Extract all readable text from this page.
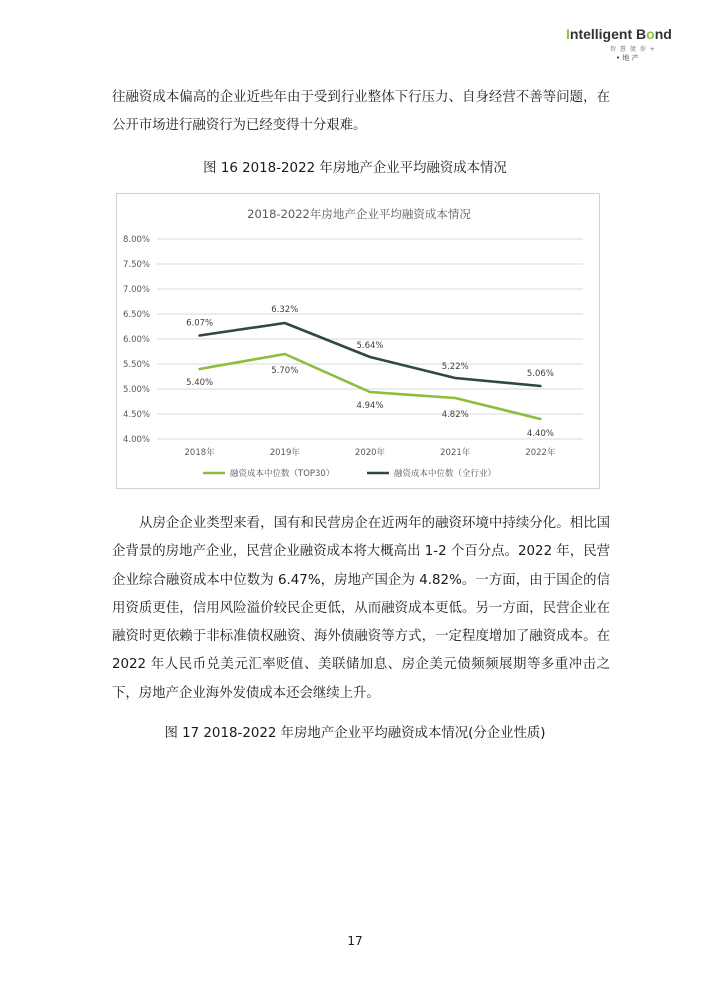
Intelligent Bond
智 慧 债 券 +
• 地 产

往融资成本偏高的企业近些年由于受到行业整体下行压力、自身经营不善等问题，在公开市场进行融资行为已经变得十分艰难。

图 16 2018-2022 年房地产企业平均融资成本情况
2018-2022年房地产企业平均融资成本情况
8.00%
7.50%
7.00%
6.50%
6.00%
5.50%
5.00%
4.50%
4.00%
2018年	2019年	2020年	2021年	2022年
5.40%
5.70%
4.94%
4.82%
4.40%
6.07%
6.32%
5.64%
5.22%
5.06%
融资成本中位数（TOP30）	融资成本中位数（全行业）

从房企企业类型来看，国有和民营房企在近两年的融资环境中持续分化。相比国企背景的房地产企业，民营企业融资成本将大概高出 1-2 个百分点。2022 年，民营企业综合融资成本中位数为 6.47%，房地产国企为 4.82%。一方面，由于国企的信用资质更佳，信用风险溢价较民企更低，从而融资成本更低。另一方面，民营企业在融资时更依赖于非标准债权融资、海外债融资等方式，一定程度增加了融资成本。在 2022 年人民币兑美元汇率贬值、美联储加息、房企美元债频频展期等多重冲击之下，房地产企业海外发债成本还会继续上升。

图 17 2018-2022 年房地产企业平均融资成本情况(分企业性质)
17
